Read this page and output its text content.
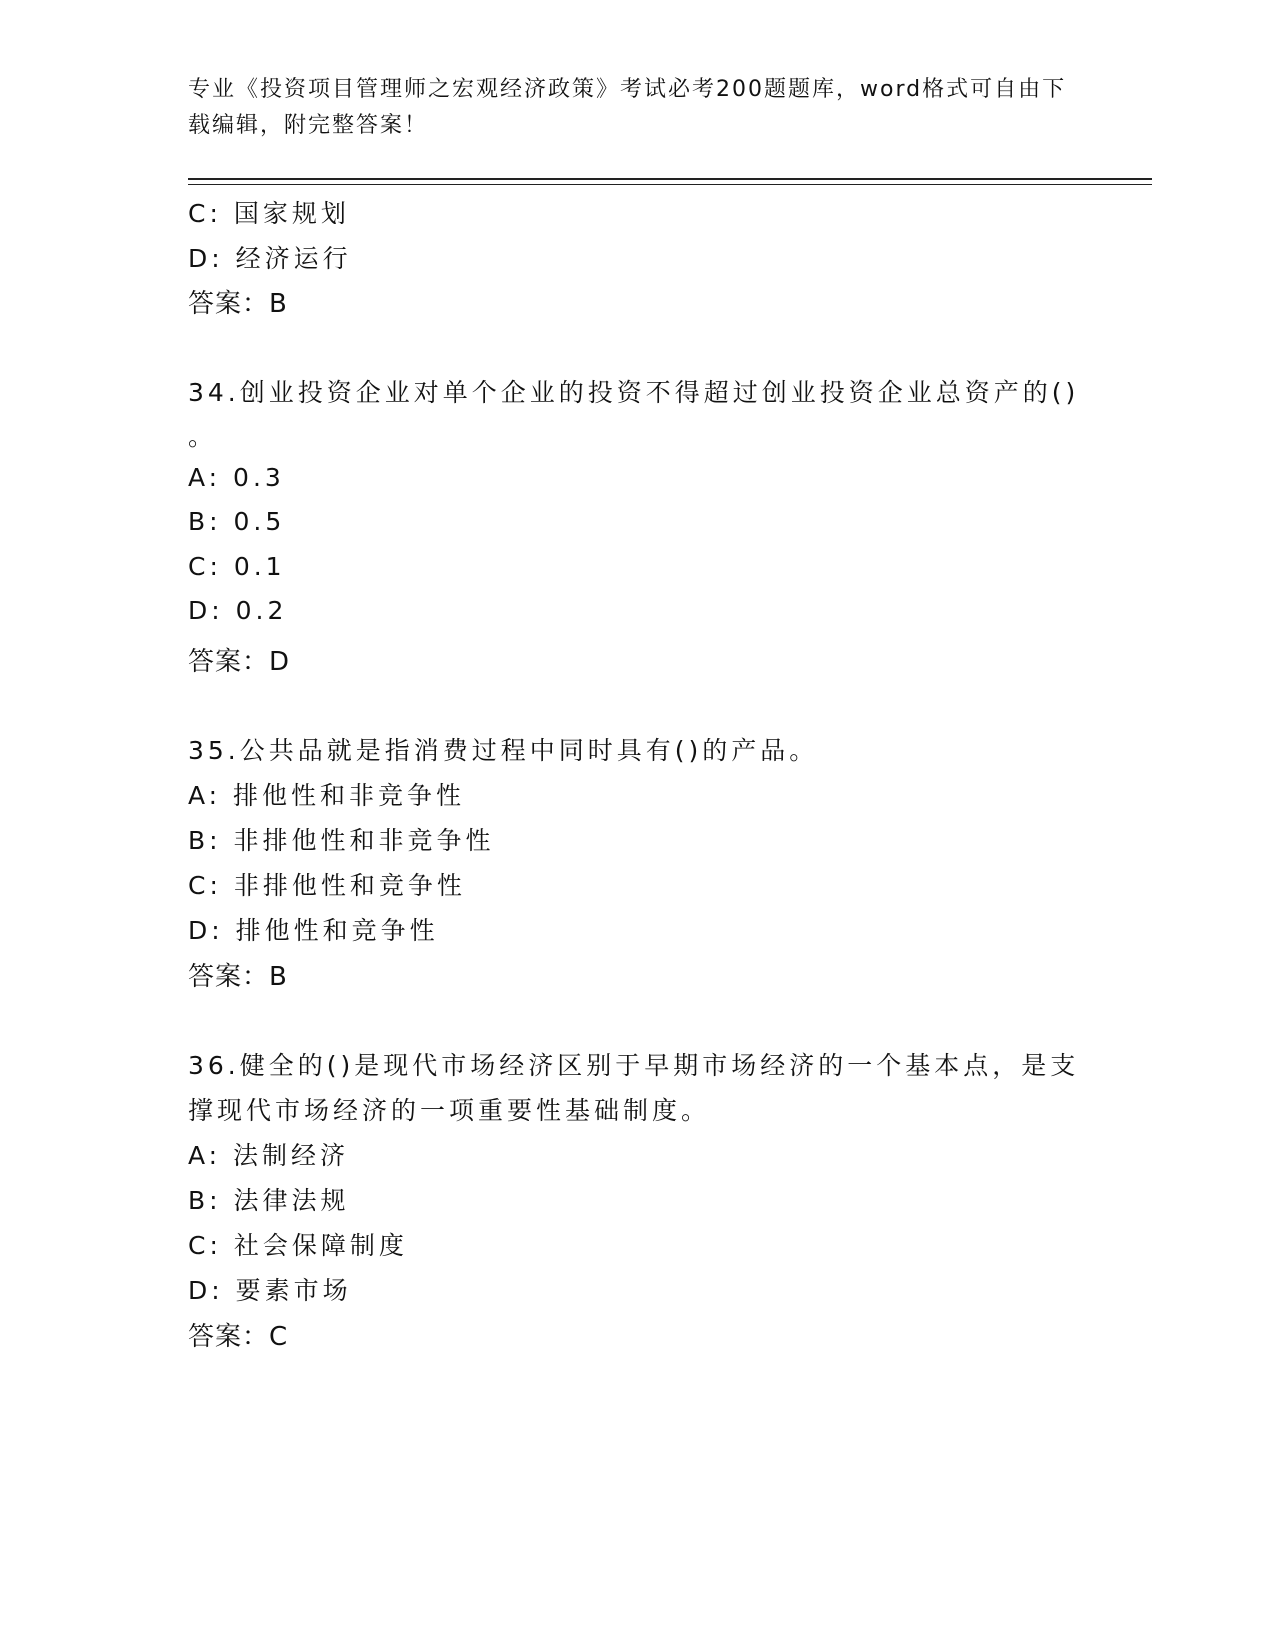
专业《投资项目管理师之宏观经济政策》考试必考200题题库，word格式可自由下载编辑，附完整答案！
C: 国家规划
D: 经济运行
答案：B
34.创业投资企业对单个企业的投资不得超过创业投资企业总资产的()
。
A: 0.3
B: 0.5
C: 0.1
D: 0.2
答案：D
35.公共品就是指消费过程中同时具有()的产品。
A: 排他性和非竞争性
B: 非排他性和非竞争性
C: 非排他性和竞争性
D: 排他性和竞争性
答案：B
36.健全的()是现代市场经济区别于早期市场经济的一个基本点，是支
撑现代市场经济的一项重要性基础制度。
A: 法制经济
B: 法律法规
C: 社会保障制度
D: 要素市场
答案：C
